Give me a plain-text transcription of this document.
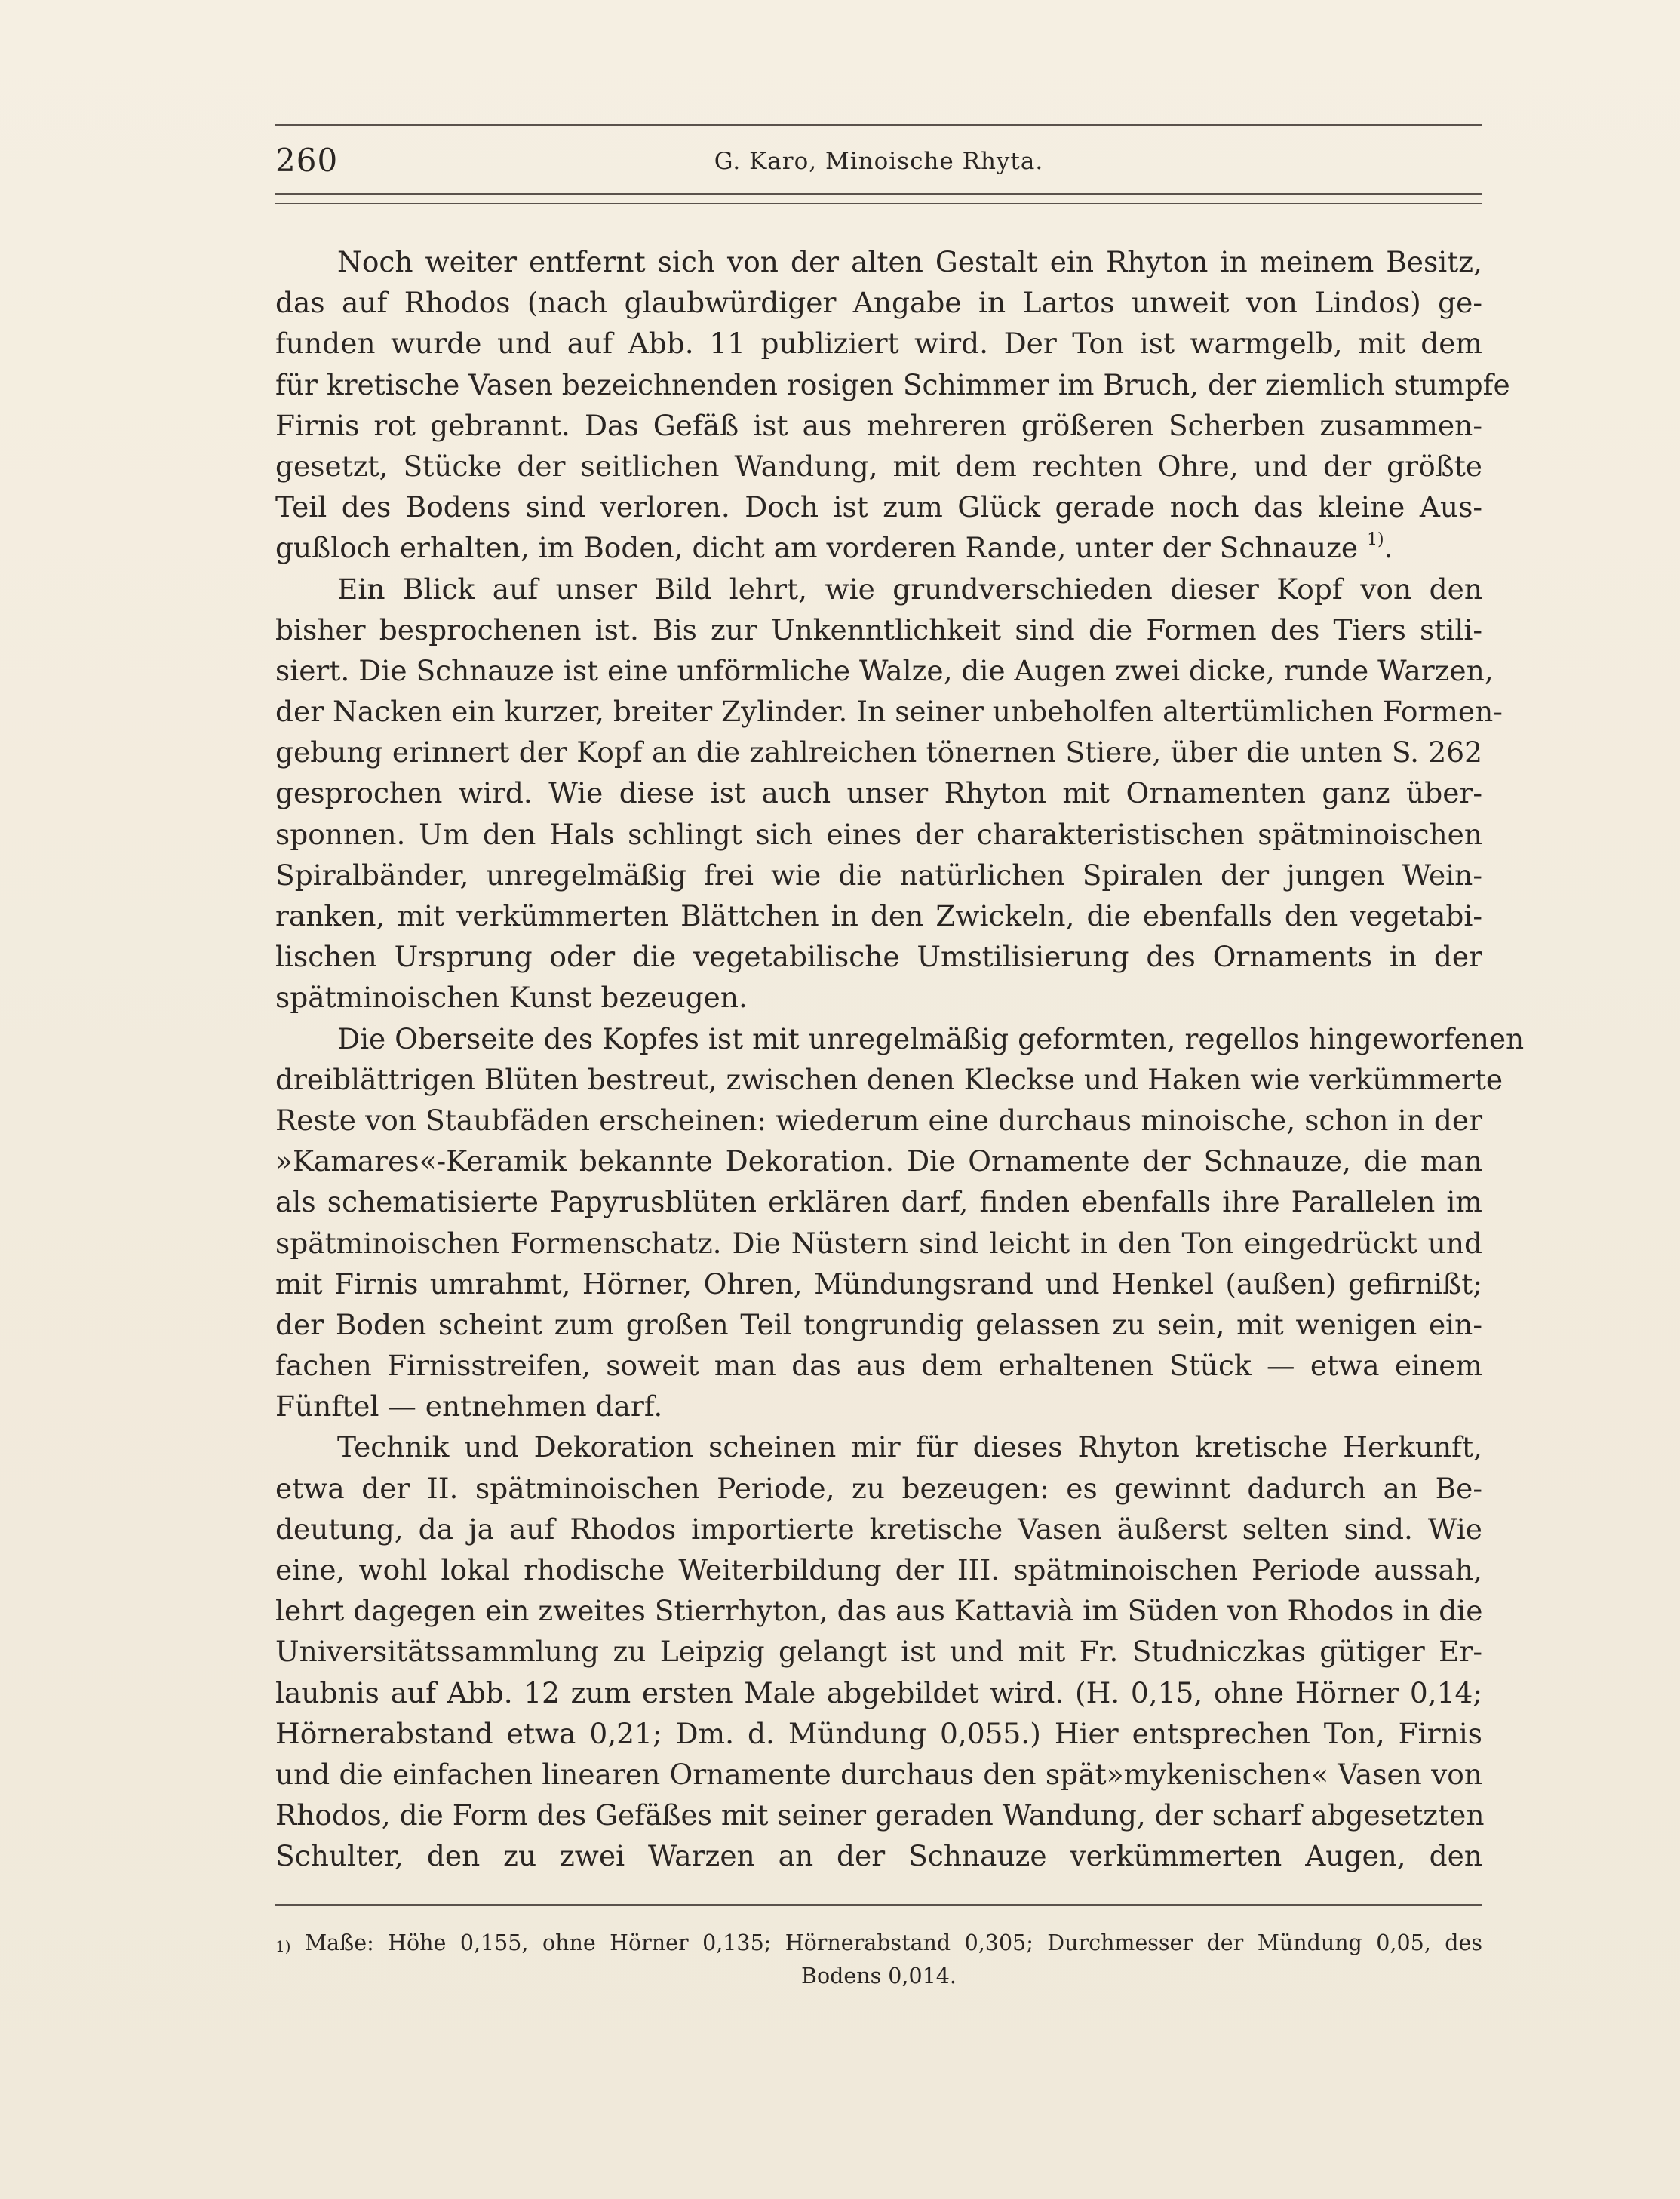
260	G. Karo, Minoische Rhyta.
Noch weiter entfernt sich von der alten Gestalt ein Rhyton in meinem Besitz,
das auf Rhodos (nach glaubwürdiger Angabe in Lartos unweit von Lindos) ge-
funden wurde und auf Abb. 11 publiziert wird. Der Ton ist warmgelb, mit dem
für kretische Vasen bezeichnenden rosigen Schimmer im Bruch, der ziemlich stumpfe
Firnis rot gebrannt. Das Gefäß ist aus mehreren größeren Scherben zusammen-
gesetzt, Stücke der seitlichen Wandung, mit dem rechten Ohre, und der größte
Teil des Bodens sind verloren. Doch ist zum Glück gerade noch das kleine Aus-
gußloch erhalten, im Boden, dicht am vorderen Rande, unter der Schnauze $^{1)}$.
Ein Blick auf unser Bild lehrt, wie grundverschieden dieser Kopf von den
bisher besprochenen ist. Bis zur Unkenntlichkeit sind die Formen des Tiers stili-
siert. Die Schnauze ist eine unförmliche Walze, die Augen zwei dicke, runde Warzen,
der Nacken ein kurzer, breiter Zylinder. In seiner unbeholfen altertümlichen Formen-
gebung erinnert der Kopf an die zahlreichen tönernen Stiere, über die unten S. 262
gesprochen wird. Wie diese ist auch unser Rhyton mit Ornamenten ganz über-
sponnen. Um den Hals schlingt sich eines der charakteristischen spätminoischen
Spiralbänder, unregelmäßig frei wie die natürlichen Spiralen der jungen Wein-
ranken, mit verkümmerten Blättchen in den Zwickeln, die ebenfalls den vegetabi-
lischen Ursprung oder die vegetabilische Umstilisierung des Ornaments in der
spätminoischen Kunst bezeugen.
Die Oberseite des Kopfes ist mit unregelmäßig geformten, regellos hingeworfenen
dreiblättrigen Blüten bestreut, zwischen denen Kleckse und Haken wie verkümmerte
Reste von Staubfäden erscheinen: wiederum eine durchaus minoische, schon in der
»Kamares«-Keramik bekannte Dekoration. Die Ornamente der Schnauze, die man
als schematisierte Papyrusblüten erklären darf, finden ebenfalls ihre Parallelen im
spätminoischen Formenschatz. Die Nüstern sind leicht in den Ton eingedrückt und
mit Firnis umrahmt, Hörner, Ohren, Mündungsrand und Henkel (außen) gefirnißt;
der Boden scheint zum großen Teil tongrundig gelassen zu sein, mit wenigen ein-
fachen Firnisstreifen, soweit man das aus dem erhaltenen Stück — etwa einem
Fünftel — entnehmen darf.
Technik und Dekoration scheinen mir für dieses Rhyton kretische Herkunft,
etwa der II. spätminoischen Periode, zu bezeugen: es gewinnt dadurch an Be-
deutung, da ja auf Rhodos importierte kretische Vasen äußerst selten sind. Wie
eine, wohl lokal rhodische Weiterbildung der III. spätminoischen Periode aussah,
lehrt dagegen ein zweites Stierrhyton, das aus Kattavià im Süden von Rhodos in die
Universitätssammlung zu Leipzig gelangt ist und mit Fr. Studniczkas gütiger Er-
laubnis auf Abb. 12 zum ersten Male abgebildet wird. (H. 0,15, ohne Hörner 0,14;
Hörnerabstand etwa 0,21; Dm. d. Mündung 0,055.) Hier entsprechen Ton, Firnis
und die einfachen linearen Ornamente durchaus den spät»mykenischen« Vasen von
Rhodos, die Form des Gefäßes mit seiner geraden Wandung, der scharf abgesetzten
Schulter, den zu zwei Warzen an der Schnauze verkümmerten Augen, den
$^{1)}$ Maße: Höhe 0,155, ohne Hörner 0,135; Hörnerabstand 0,305; Durchmesser der Mündung 0,05, des
Bodens 0,014.
